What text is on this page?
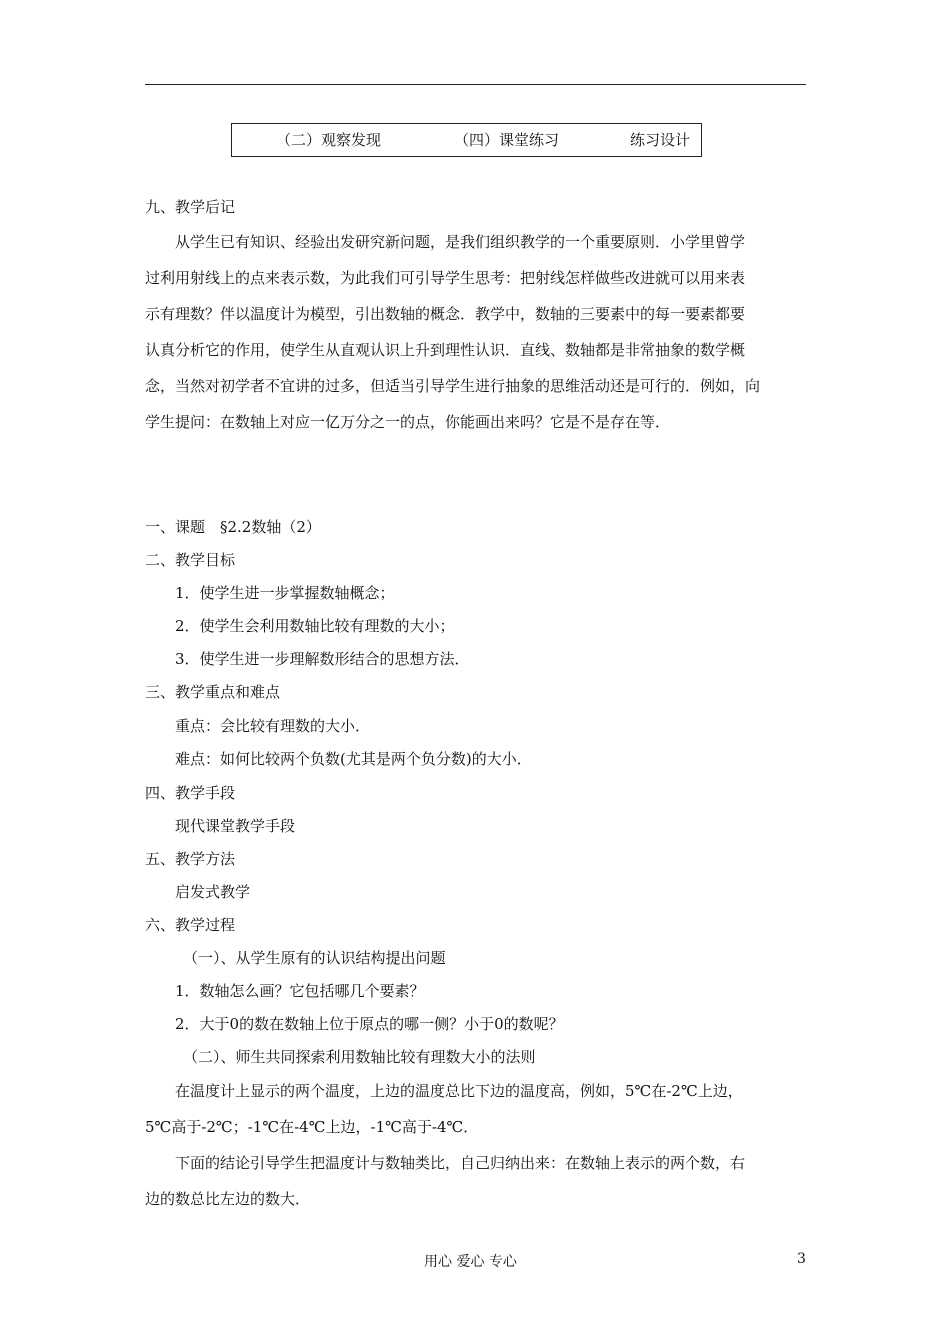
（二）观察发现	（四）课堂练习	练习设计
九、教学后记
从学生已有知识、经验出发研究新问题，是我们组织教学的一个重要原则．小学里曾学
过利用射线上的点来表示数，为此我们可引导学生思考：把射线怎样做些改进就可以用来表
示有理数？伴以温度计为模型，引出数轴的概念．教学中，数轴的三要素中的每一要素都要
认真分析它的作用，使学生从直观认识上升到理性认识．直线、数轴都是非常抽象的数学概
念，当然对初学者不宜讲的过多，但适当引导学生进行抽象的思维活动还是可行的．例如，向
学生提问：在数轴上对应一亿万分之一的点，你能画出来吗？它是不是存在等．
一、课题　§2.2数轴（2）
二、教学目标
1．使学生进一步掌握数轴概念；
2．使学生会利用数轴比较有理数的大小；
3．使学生进一步理解数形结合的思想方法．
三、教学重点和难点
重点：会比较有理数的大小．
难点：如何比较两个负数(尤其是两个负分数)的大小．
四、教学手段
现代课堂教学手段
五、教学方法
启发式教学
六、教学过程
（一）、从学生原有的认识结构提出问题
1．数轴怎么画？它包括哪几个要素？
2．大于0的数在数轴上位于原点的哪一侧？小于0的数呢？
（二）、师生共同探索利用数轴比较有理数大小的法则
在温度计上显示的两个温度，上边的温度总比下边的温度高，例如，5℃在-2℃上边，
5℃高于-2℃；-1℃在-4℃上边，-1℃高于-4℃．
下面的结论引导学生把温度计与数轴类比，自己归纳出来：在数轴上表示的两个数，右
边的数总比左边的数大．
用心 爱心 专心	3
